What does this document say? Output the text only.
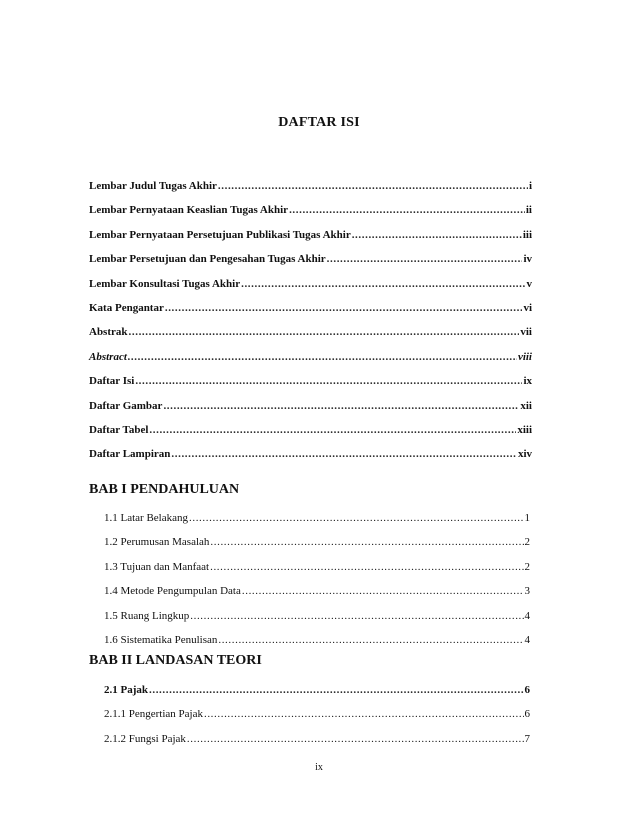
DAFTAR ISI
Lembar Judul Tugas Akhir .....	i
Lembar Pernyataan Keaslian Tugas Akhir .....	ii
Lembar Pernyataan Persetujuan Publikasi Tugas Akhir .....	iii
Lembar Persetujuan dan Pengesahan Tugas Akhir .....	iv
Lembar Konsultasi Tugas Akhir .....	v
Kata Pengantar .....	vi
Abstrak .....	vii
Abstract .....	viii
Daftar Isi .....	ix
Daftar Gambar .....	xii
Daftar Tabel .....	xiii
Daftar Lampiran .....	xiv
BAB I PENDAHULUAN
1.1 Latar Belakang .....	1
1.2 Perumusan Masalah .....	2
1.3 Tujuan dan Manfaat .....	2
1.4 Metode Pengumpulan Data .....	3
1.5 Ruang Lingkup .....	4
1.6 Sistematika Penulisan .....	4
BAB II LANDASAN TEORI
2.1 Pajak .....	6
2.1.1 Pengertian Pajak .....	6
2.1.2 Fungsi Pajak .....	7
ix
